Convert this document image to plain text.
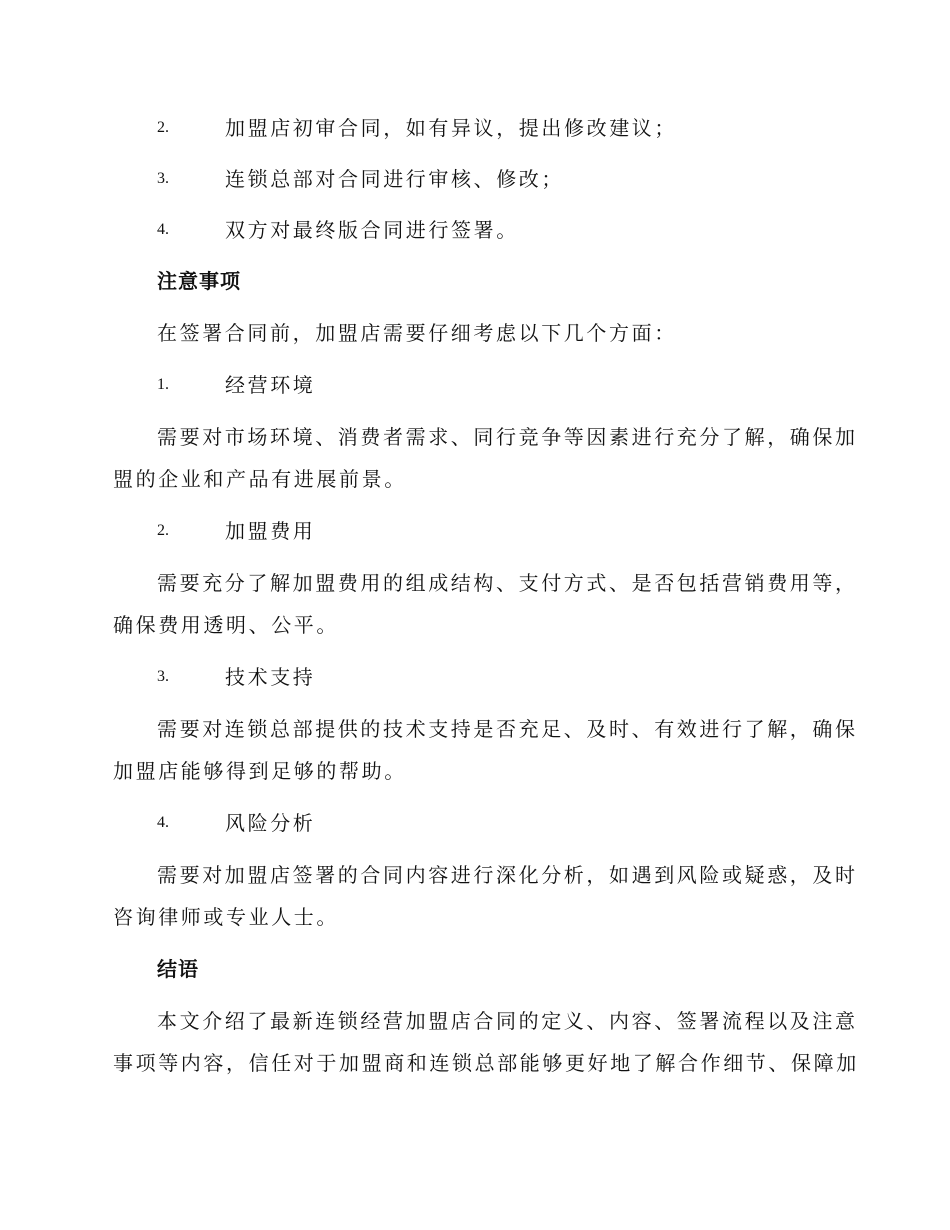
2.	加盟店初审合同，如有异议，提出修改建议；
3.	连锁总部对合同进行审核、修改；
4.	双方对最终版合同进行签署。
注意事项
在签署合同前，加盟店需要仔细考虑以下几个方面：
1.	经营环境
需要对市场环境、消费者需求、同行竞争等因素进行充分了解，确保加
盟的企业和产品有进展前景。
2.	加盟费用
需要充分了解加盟费用的组成结构、支付方式、是否包括营销费用等，
确保费用透明、公平。
3.	技术支持
需要对连锁总部提供的技术支持是否充足、及时、有效进行了解，确保
加盟店能够得到足够的帮助。
4.	风险分析
需要对加盟店签署的合同内容进行深化分析，如遇到风险或疑惑，及时
咨询律师或专业人士。
结语
本文介绍了最新连锁经营加盟店合同的定义、内容、签署流程以及注意
事项等内容，信任对于加盟商和连锁总部能够更好地了解合作细节、保障加
